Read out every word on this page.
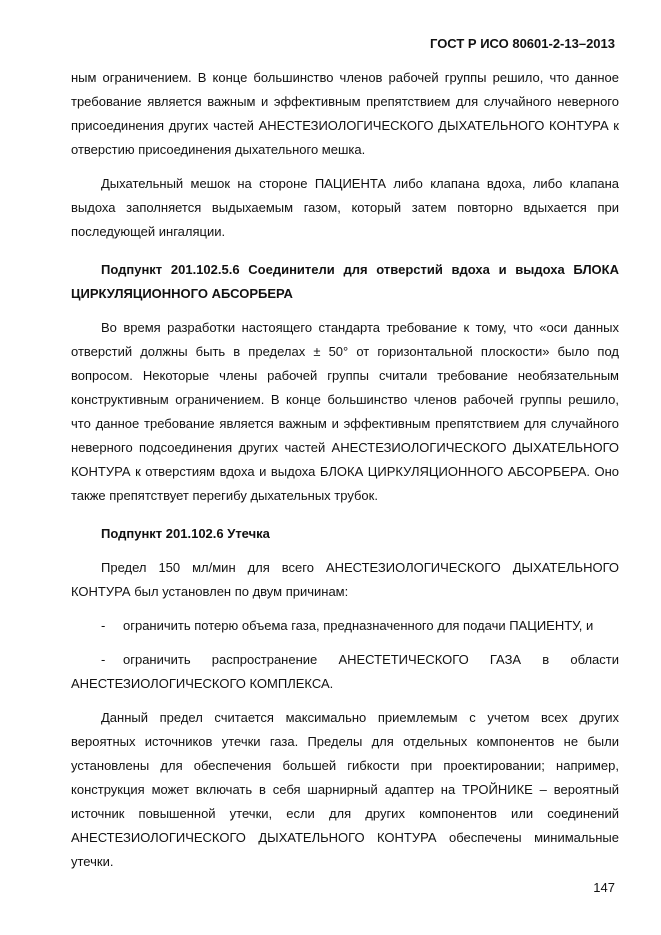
ГОСТ Р ИСО 80601-2-13–2013

ным ограничением. В конце большинство членов рабочей группы решило, что данное требование является важным и эффективным препятствием для случайного неверного присоединения других частей АНЕСТЕЗИОЛОГИЧЕСКОГО ДЫХАТЕЛЬНОГО КОНТУРА к отверстию присоединения дыхательного мешка.

Дыхательный мешок на стороне ПАЦИЕНТА либо клапана вдоха, либо клапана выдоха заполняется выдыхаемым газом, который затем повторно вдыхается при последующей ингаляции.

Подпункт 201.102.5.6 Соединители для отверстий вдоха и выдоха БЛОКА ЦИРКУЛЯЦИОННОГО АБСОРБЕРА

Во время разработки настоящего стандарта требование к тому, что «оси данных отверстий должны быть в пределах ± 50° от горизонтальной плоскости» было под вопросом. Некоторые члены рабочей группы считали требование необязательным конструктивным ограничением. В конце большинство членов рабочей группы решило, что данное требование является важным и эффективным препятствием для случайного неверного подсоединения других частей АНЕСТЕЗИОЛОГИЧЕСКОГО ДЫХАТЕЛЬНОГО КОНТУРА к отверстиям вдоха и выдоха БЛОКА ЦИРКУЛЯЦИОННОГО АБСОРБЕРА. Оно также препятствует перегибу дыхательных трубок.

Подпункт 201.102.6 Утечка

Предел 150 мл/мин для всего АНЕСТЕЗИОЛОГИЧЕСКОГО ДЫХАТЕЛЬНОГО КОНТУРА был установлен по двум причинам:

- ограничить потерю объема газа, предназначенного для подачи ПАЦИЕНТУ, и

- ограничить распространение АНЕСТЕТИЧЕСКОГО ГАЗА в области АНЕСТЕЗИОЛОГИЧЕСКОГО КОМПЛЕКСА.

Данный предел считается максимально приемлемым с учетом всех других вероятных источников утечки газа. Пределы для отдельных компонентов не были установлены для обеспечения большей гибкости при проектировании; например, конструкция может включать в себя шарнирный адаптер на ТРОЙНИКЕ – вероятный источник повышенной утечки, если для других компонентов или соединений АНЕСТЕЗИОЛОГИЧЕСКОГО ДЫХАТЕЛЬНОГО КОНТУРА обеспечены минимальные утечки.

147
